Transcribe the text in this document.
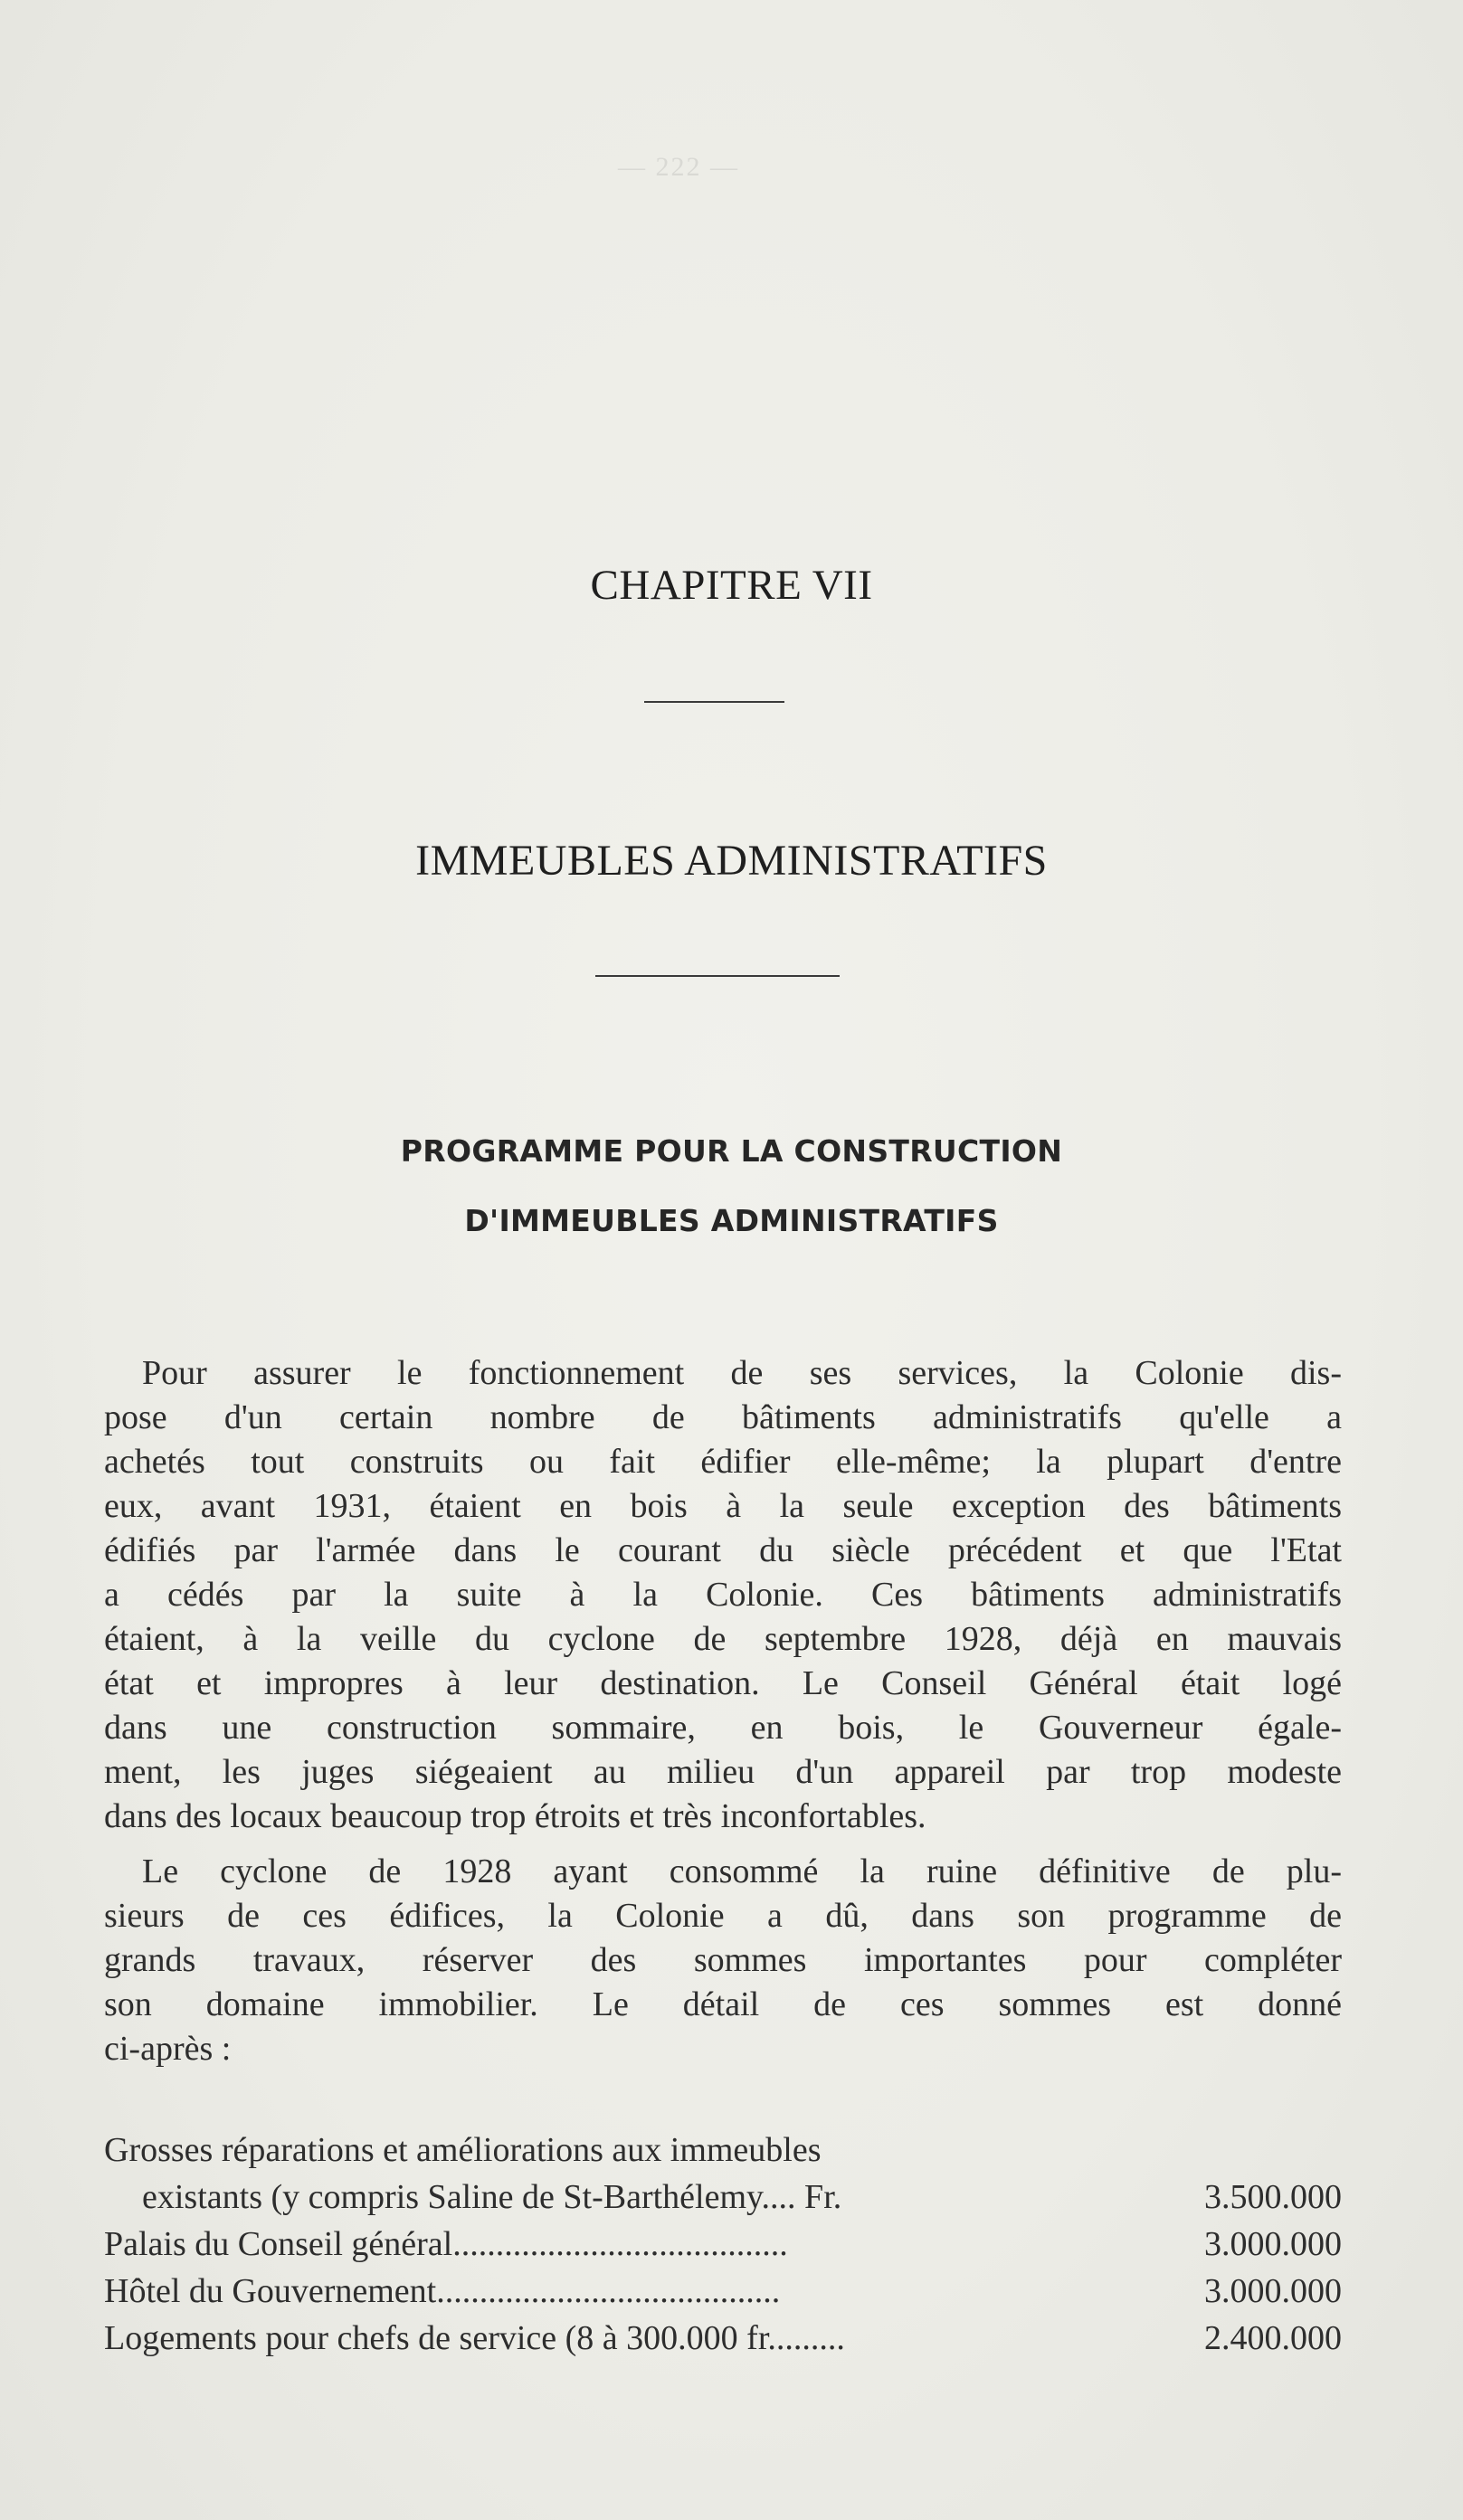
— 222 —
CHAPITRE VII
IMMEUBLES ADMINISTRATIFS
PROGRAMME POUR LA CONSTRUCTION
D'IMMEUBLES ADMINISTRATIFS
Pour assurer le fonctionnement de ses services, la Colonie dis-
pose d'un certain nombre de bâtiments administratifs qu'elle a
achetés tout construits ou fait édifier elle-même; la plupart d'entre
eux, avant 1931, étaient en bois à la seule exception des bâtiments
édifiés par l'armée dans le courant du siècle précédent et que l'Etat
a cédés par la suite à la Colonie. Ces bâtiments administratifs
étaient, à la veille du cyclone de septembre 1928, déjà en mauvais
état et impropres à leur destination. Le Conseil Général était logé
dans une construction sommaire, en bois, le Gouverneur égale-
ment, les juges siégeaient au milieu d'un appareil par trop modeste
dans des locaux beaucoup trop étroits et très inconfortables.
Le cyclone de 1928 ayant consommé la ruine définitive de plu-
sieurs de ces édifices, la Colonie a dû, dans son programme de
grands travaux, réserver des sommes importantes pour compléter
son domaine immobilier. Le détail de ces sommes est donné
ci-après :
Grosses réparations et améliorations aux immeubles
existants (y compris Saline de St-Barthélemy.... Fr.	3.500.000
Palais du Conseil général.......................................	3.000.000
Hôtel du Gouvernement........................................	3.000.000
Logements pour chefs de service (8 à 300.000 fr.........	2.400.000
